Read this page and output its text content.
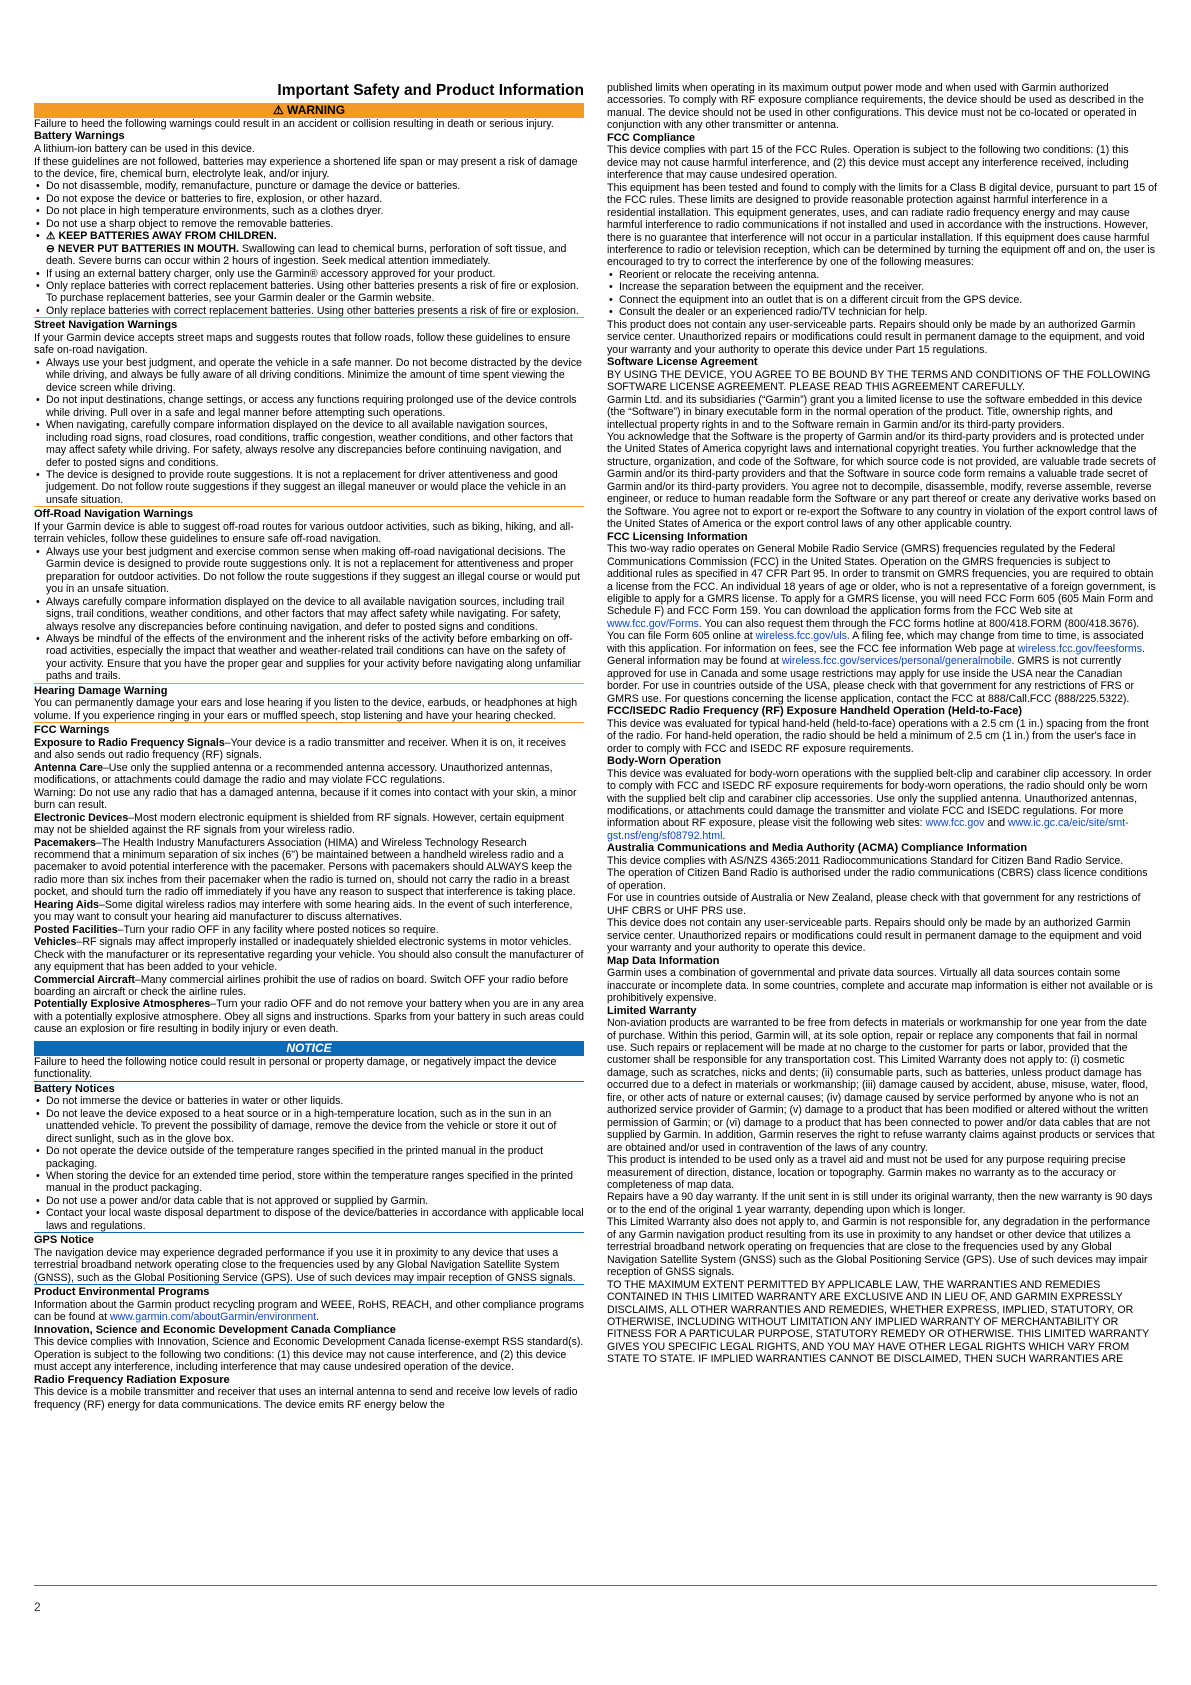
Important Safety and Product Information
⚠ WARNING

Failure to heed the following warnings could result in an accident or collision resulting in death or serious injury.

Battery Warnings

A lithium-ion battery can be used in this device.

If these guidelines are not followed, batteries may experience a shortened life span or may present a risk of damage to the device, fire, chemical burn, electrolyte leak, and/or injury.

• Do not disassemble, modify, remanufacture, puncture or damage the device or batteries.
• Do not expose the device or batteries to fire, explosion, or other hazard.
• Do not place in high temperature environments, such as a clothes dryer.
• Do not use a sharp object to remove the removable batteries.
• ⚠ KEEP BATTERIES AWAY FROM CHILDREN.
⊖ NEVER PUT BATTERIES IN MOUTH. Swallowing can lead to chemical burns, perforation of soft tissue, and death. Severe burns can occur within 2 hours of ingestion. Seek medical attention immediately.
• If using an external battery charger, only use the Garmin® accessory approved for your product.
• Only replace batteries with correct replacement batteries. Using other batteries presents a risk of fire or explosion. To purchase replacement batteries, see your Garmin dealer or the Garmin website.
• Only replace batteries with correct replacement batteries. Using other batteries presents a risk of fire or explosion.
Street Navigation Warnings

If your Garmin device accepts street maps and suggests routes that follow roads, follow these guidelines to ensure safe on-road navigation.

• Always use your best judgment, and operate the vehicle in a safe manner. Do not become distracted by the device while driving, and always be fully aware of all driving conditions. Minimize the amount of time spent viewing the device screen while driving.
• Do not input destinations, change settings, or access any functions requiring prolonged use of the device controls while driving. Pull over in a safe and legal manner before attempting such operations.
• When navigating, carefully compare information displayed on the device to all available navigation sources, including road signs, road closures, road conditions, traffic congestion, weather conditions, and other factors that may affect safety while driving. For safety, always resolve any discrepancies before continuing navigation, and defer to posted signs and conditions.
• The device is designed to provide route suggestions. It is not a replacement for driver attentiveness and good judgement. Do not follow route suggestions if they suggest an illegal maneuver or would place the vehicle in an unsafe situation.
Off-Road Navigation Warnings

If your Garmin device is able to suggest off-road routes for various outdoor activities, such as biking, hiking, and all-terrain vehicles, follow these guidelines to ensure safe off-road navigation.

• Always use your best judgment and exercise common sense when making off-road navigational decisions. The Garmin device is designed to provide route suggestions only. It is not a replacement for attentiveness and proper preparation for outdoor activities. Do not follow the route suggestions if they suggest an illegal course or would put you in an unsafe situation.
• Always carefully compare information displayed on the device to all available navigation sources, including trail signs, trail conditions, weather conditions, and other factors that may affect safety while navigating. For safety, always resolve any discrepancies before continuing navigation, and defer to posted signs and conditions.
• Always be mindful of the effects of the environment and the inherent risks of the activity before embarking on off-road activities, especially the impact that weather and weather-related trail conditions can have on the safety of your activity. Ensure that you have the proper gear and supplies for your activity before navigating along unfamiliar paths and trails.
Hearing Damage Warning

You can permanently damage your ears and lose hearing if you listen to the device, earbuds, or headphones at high volume. If you experience ringing in your ears or muffled speech, stop listening and have your hearing checked.

FCC Warnings

Exposure to Radio Frequency Signals–Your device is a radio transmitter and receiver. When it is on, it receives and also sends out radio frequency (RF) signals.

Antenna Care–Use only the supplied antenna or a recommended antenna accessory. Unauthorized antennas, modifications, or attachments could damage the radio and may violate FCC regulations.

Warning: Do not use any radio that has a damaged antenna, because if it comes into contact with your skin, a minor burn can result.

Electronic Devices–Most modern electronic equipment is shielded from RF signals. However, certain equipment may not be shielded against the RF signals from your wireless radio.

Pacemakers–The Health Industry Manufacturers Association (HIMA) and Wireless Technology Research recommend that a minimum separation of six inches (6") be maintained between a handheld wireless radio and a pacemaker to avoid potential interference with the pacemaker. Persons with pacemakers should ALWAYS keep the radio more than six inches from their pacemaker when the radio is turned on, should not carry the radio in a breast pocket, and should turn the radio off immediately if you have any reason to suspect that interference is taking place.

Hearing Aids–Some digital wireless radios may interfere with some hearing aids. In the event of such interference, you may want to consult your hearing aid manufacturer to discuss alternatives.

Posted Facilities–Turn your radio OFF in any facility where posted notices so require.

Vehicles–RF signals may affect improperly installed or inadequately shielded electronic systems in motor vehicles. Check with the manufacturer or its representative regarding your vehicle. You should also consult the manufacturer of any equipment that has been added to your vehicle.

Commercial Aircraft–Many commercial airlines prohibit the use of radios on board. Switch OFF your radio before boarding an aircraft or check the airline rules.

Potentially Explosive Atmospheres–Turn your radio OFF and do not remove your battery when you are in any area with a potentially explosive atmosphere. Obey all signs and instructions. Sparks from your battery in such areas could cause an explosion or fire resulting in bodily injury or even death.

NOTICE

Failure to heed the following notice could result in personal or property damage, or negatively impact the device functionality.

Battery Notices
• Do not immerse the device or batteries in water or other liquids.
• Do not leave the device exposed to a heat source or in a high-temperature location, such as in the sun in an unattended vehicle. To prevent the possibility of damage, remove the device from the vehicle or store it out of direct sunlight, such as in the glove box.
• Do not operate the device outside of the temperature ranges specified in the printed manual in the product packaging.
• When storing the device for an extended time period, store within the temperature ranges specified in the printed manual in the product packaging.
• Do not use a power and/or data cable that is not approved or supplied by Garmin.
• Contact your local waste disposal department to dispose of the device/batteries in accordance with applicable local laws and regulations.
GPS Notice

The navigation device may experience degraded performance if you use it in proximity to any device that uses a terrestrial broadband network operating close to the frequencies used by any Global Navigation Satellite System (GNSS), such as the Global Positioning Service (GPS). Use of such devices may impair reception of GNSS signals.

Product Environmental Programs

Information about the Garmin product recycling program and WEEE, RoHS, REACH, and other compliance programs can be found at www.garmin.com/aboutGarmin/environment.

Innovation, Science and Economic Development Canada Compliance

This device complies with Innovation, Science and Economic Development Canada license-exempt RSS standard(s). Operation is subject to the following two conditions: (1) this device may not cause interference, and (2) this device must accept any interference, including interference that may cause undesired operation of the device.

Radio Frequency Radiation Exposure

This device is a mobile transmitter and receiver that uses an internal antenna to send and receive low levels of radio frequency (RF) energy for data communications. The device emits RF energy below the

published limits when operating in its maximum output power mode and when used with Garmin authorized accessories. To comply with RF exposure compliance requirements, the device should be used as described in the manual. The device should not be used in other configurations. This device must not be co-located or operated in conjunction with any other transmitter or antenna.

FCC Compliance

This device complies with part 15 of the FCC Rules. Operation is subject to the following two conditions: (1) this device may not cause harmful interference, and (2) this device must accept any interference received, including interference that may cause undesired operation.

This equipment has been tested and found to comply with the limits for a Class B digital device, pursuant to part 15 of the FCC rules. These limits are designed to provide reasonable protection against harmful interference in a residential installation. This equipment generates, uses, and can radiate radio frequency energy and may cause harmful interference to radio communications if not installed and used in accordance with the instructions. However, there is no guarantee that interference will not occur in a particular installation. If this equipment does cause harmful interference to radio or television reception, which can be determined by turning the equipment off and on, the user is encouraged to try to correct the interference by one of the following measures:

• Reorient or relocate the receiving antenna.
• Increase the separation between the equipment and the receiver.
• Connect the equipment into an outlet that is on a different circuit from the GPS device.
• Consult the dealer or an experienced radio/TV technician for help.

This product does not contain any user-serviceable parts. Repairs should only be made by an authorized Garmin service center. Unauthorized repairs or modifications could result in permanent damage to the equipment, and void your warranty and your authority to operate this device under Part 15 regulations.

Software License Agreement

BY USING THE DEVICE, YOU AGREE TO BE BOUND BY THE TERMS AND CONDITIONS OF THE FOLLOWING SOFTWARE LICENSE AGREEMENT. PLEASE READ THIS AGREEMENT CAREFULLY.

Garmin Ltd. and its subsidiaries (“Garmin”) grant you a limited license to use the software embedded in this device (the “Software”) in binary executable form in the normal operation of the product. Title, ownership rights, and intellectual property rights in and to the Software remain in Garmin and/or its third-party providers.

You acknowledge that the Software is the property of Garmin and/or its third-party providers and is protected under the United States of America copyright laws and international copyright treaties. You further acknowledge that the structure, organization, and code of the Software, for which source code is not provided, are valuable trade secrets of Garmin and/or its third-party providers and that the Software in source code form remains a valuable trade secret of Garmin and/or its third-party providers. You agree not to decompile, disassemble, modify, reverse assemble, reverse engineer, or reduce to human readable form the Software or any part thereof or create any derivative works based on the Software. You agree not to export or re-export the Software to any country in violation of the export control laws of the United States of America or the export control laws of any other applicable country.

FCC Licensing Information

This two-way radio operates on General Mobile Radio Service (GMRS) frequencies regulated by the Federal Communications Commission (FCC) in the United States. Operation on the GMRS frequencies is subject to additional rules as specified in 47 CFR Part 95. In order to transmit on GMRS frequencies, you are required to obtain a license from the FCC. An individual 18 years of age or older, who is not a representative of a foreign government, is eligible to apply for a GMRS license. To apply for a GMRS license, you will need FCC Form 605 (605 Main Form and Schedule F) and FCC Form 159. You can download the application forms from the FCC Web site at www.fcc.gov/Forms. You can also request them through the FCC forms hotline at 800/418.FORM (800/418.3676). You can file Form 605 online at wireless.fcc.gov/uls. A filing fee, which may change from time to time, is associated with this application. For information on fees, see the FCC fee information Web page at wireless.fcc.gov/feesforms. General information may be found at wireless.fcc.gov/services/personal/generalmobile. GMRS is not currently approved for use in Canada and some usage restrictions may apply for use inside the USA near the Canadian border. For use in countries outside of the USA, please check with that government for any restrictions of FRS or GMRS use. For questions concerning the license application, contact the FCC at 888/Call.FCC (888/225.5322).

FCC/ISEDC Radio Frequency (RF) Exposure Handheld Operation (Held-to-Face)

This device was evaluated for typical hand-held (held-to-face) operations with a 2.5 cm (1 in.) spacing from the front of the radio. For hand-held operation, the radio should be held a minimum of 2.5 cm (1 in.) from the user's face in order to comply with FCC and ISEDC RF exposure requirements.

Body-Worn Operation

This device was evaluated for body-worn operations with the supplied belt-clip and carabiner clip accessory. In order to comply with FCC and ISEDC RF exposure requirements for body-worn operations, the radio should only be worn with the supplied belt clip and carabiner clip accessories. Use only the supplied antenna. Unauthorized antennas, modifications, or attachments could damage the transmitter and violate FCC and ISEDC regulations. For more information about RF exposure, please visit the following web sites: www.fcc.gov and www.ic.gc.ca/eic/site/smt-gst.nsf/eng/sf08792.html.

Australia Communications and Media Authority (ACMA) Compliance Information

This device complies with AS/NZS 4365:2011 Radiocommunications Standard for Citizen Band Radio Service.

The operation of Citizen Band Radio is authorised under the radio communications (CBRS) class licence conditions of operation.

For use in countries outside of Australia or New Zealand, please check with that government for any restrictions of UHF CBRS or UHF PRS use.

This device does not contain any user-serviceable parts. Repairs should only be made by an authorized Garmin service center. Unauthorized repairs or modifications could result in permanent damage to the equipment and void your warranty and your authority to operate this device.

Map Data Information

Garmin uses a combination of governmental and private data sources. Virtually all data sources contain some inaccurate or incomplete data. In some countries, complete and accurate map information is either not available or is prohibitively expensive.

Limited Warranty

Non-aviation products are warranted to be free from defects in materials or workmanship for one year from the date of purchase. Within this period, Garmin will, at its sole option, repair or replace any components that fail in normal use. Such repairs or replacement will be made at no charge to the customer for parts or labor, provided that the customer shall be responsible for any transportation cost. This Limited Warranty does not apply to: (i) cosmetic damage, such as scratches, nicks and dents; (ii) consumable parts, such as batteries, unless product damage has occurred due to a defect in materials or workmanship; (iii) damage caused by accident, abuse, misuse, water, flood, fire, or other acts of nature or external causes; (iv) damage caused by service performed by anyone who is not an authorized service provider of Garmin; (v) damage to a product that has been modified or altered without the written permission of Garmin; or (vi) damage to a product that has been connected to power and/or data cables that are not supplied by Garmin. In addition, Garmin reserves the right to refuse warranty claims against products or services that are obtained and/or used in contravention of the laws of any country.

This product is intended to be used only as a travel aid and must not be used for any purpose requiring precise measurement of direction, distance, location or topography. Garmin makes no warranty as to the accuracy or completeness of map data.

Repairs have a 90 day warranty. If the unit sent in is still under its original warranty, then the new warranty is 90 days or to the end of the original 1 year warranty, depending upon which is longer.

This Limited Warranty also does not apply to, and Garmin is not responsible for, any degradation in the performance of any Garmin navigation product resulting from its use in proximity to any handset or other device that utilizes a terrestrial broadband network operating on frequencies that are close to the frequencies used by any Global Navigation Satellite System (GNSS) such as the Global Positioning Service (GPS). Use of such devices may impair reception of GNSS signals.

TO THE MAXIMUM EXTENT PERMITTED BY APPLICABLE LAW, THE WARRANTIES AND REMEDIES CONTAINED IN THIS LIMITED WARRANTY ARE EXCLUSIVE AND IN LIEU OF, AND GARMIN EXPRESSLY DISCLAIMS, ALL OTHER WARRANTIES AND REMEDIES, WHETHER EXPRESS, IMPLIED, STATUTORY, OR OTHERWISE, INCLUDING WITHOUT LIMITATION ANY IMPLIED WARRANTY OF MERCHANTABILITY OR FITNESS FOR A PARTICULAR PURPOSE, STATUTORY REMEDY OR OTHERWISE. THIS LIMITED WARRANTY GIVES YOU SPECIFIC LEGAL RIGHTS, AND YOU MAY HAVE OTHER LEGAL RIGHTS WHICH VARY FROM STATE TO STATE. IF IMPLIED WARRANTIES CANNOT BE DISCLAIMED, THEN SUCH WARRANTIES ARE

2
